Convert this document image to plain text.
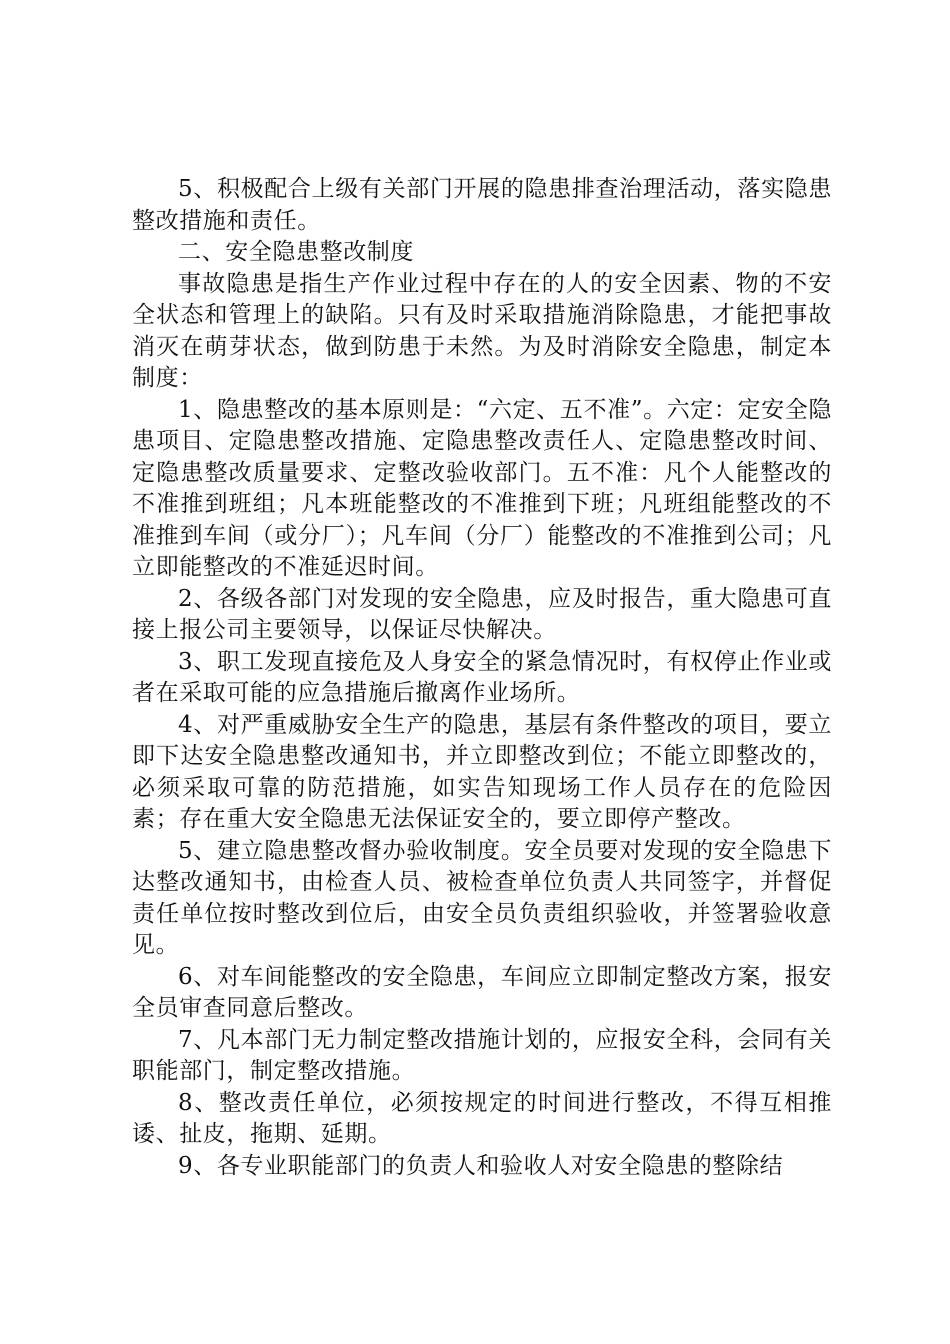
5、积极配合上级有关部门开展的隐患排查治理活动，落实隐患整改措施和责任。

二、安全隐患整改制度

事故隐患是指生产作业过程中存在的人的安全因素、物的不安全状态和管理上的缺陷。只有及时采取措施消除隐患，才能把事故消灭在萌芽状态，做到防患于未然。为及时消除安全隐患，制定本制度：

1、隐患整改的基本原则是：“六定、五不准”。六定：定安全隐患项目、定隐患整改措施、定隐患整改责任人、定隐患整改时间、定隐患整改质量要求、定整改验收部门。五不准：凡个人能整改的不准推到班组；凡本班能整改的不准推到下班；凡班组能整改的不准推到车间（或分厂）；凡车间（分厂）能整改的不准推到公司；凡立即能整改的不准延迟时间。

2、各级各部门对发现的安全隐患，应及时报告，重大隐患可直接上报公司主要领导，以保证尽快解决。

3、职工发现直接危及人身安全的紧急情况时，有权停止作业或者在采取可能的应急措施后撤离作业场所。

4、对严重威胁安全生产的隐患，基层有条件整改的项目，要立即下达安全隐患整改通知书，并立即整改到位；不能立即整改的，必须采取可靠的防范措施，如实告知现场工作人员存在的危险因素；存在重大安全隐患无法保证安全的，要立即停产整改。

5、建立隐患整改督办验收制度。安全员要对发现的安全隐患下达整改通知书，由检查人员、被检查单位负责人共同签字，并督促责任单位按时整改到位后，由安全员负责组织验收，并签署验收意见。

6、对车间能整改的安全隐患，车间应立即制定整改方案，报安全员审查同意后整改。

7、凡本部门无力制定整改措施计划的，应报安全科，会同有关职能部门，制定整改措施。

8、整改责任单位，必须按规定的时间进行整改，不得互相推诿、扯皮，拖期、延期。

9、各专业职能部门的负责人和验收人对安全隐患的整除结
